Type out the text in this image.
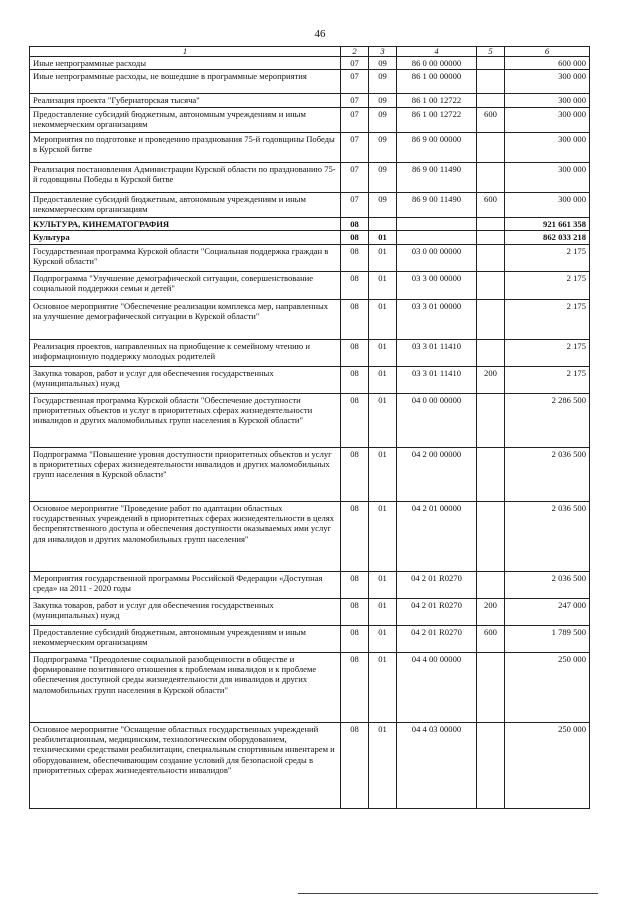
46
1	2	3	4	5	6
Иные непрограммные расходы	07	09	86 0 00 00000		600 000
Иные непрограммные расходы, не вошедшие в программные мероприятия	07	09	86 1 00 00000		300 000
Реализация проекта "Губернаторская тысяча"	07	09	86 1 00 12722		300 000
Предоставление субсидий бюджетным, автономным учреждениям и иным некоммерческим организациям	07	09	86 1 00 12722	600	300 000
Мероприятия по подготовке и проведению празднования 75-й годовщины Победы в Курской битве	07	09	86 9 00 00000		300 000
Реализация постановления Администрации Курской области по празднованию 75-й годовщины Победы в Курской битве	07	09	86 9 00 11490		300 000
Предоставление субсидий бюджетным, автономным учреждениям и иным некоммерческим организациям	07	09	86 9 00 11490	600	300 000
КУЛЬТУРА, КИНЕМАТОГРАФИЯ	08				921 661 358
Культура	08	01			862 033 218
Государственная программа Курской области "Социальная поддержка граждан в Курской области"	08	01	03 0 00 00000		2 175
Подпрограмма "Улучшение демографической ситуации, совершенствование социальной поддержки семьи и детей"	08	01	03 3 00 00000		2 175
Основное мероприятие "Обеспечение реализации комплекса мер, направленных на улучшение демографической ситуации в Курской области"	08	01	03 3 01 00000		2 175
Реализация проектов, направленных на приобщение к семейному чтению и информационную поддержку молодых родителей	08	01	03 3 01 11410		2 175
Закупка товаров, работ и услуг для обеспечения государственных (муниципальных) нужд	08	01	03 3 01 11410	200	2 175
Государственная программа Курской области "Обеспечение доступности приоритетных объектов и услуг в приоритетных сферах жизнедеятельности инвалидов и других маломобильных групп населения в Курской области"	08	01	04 0 00 00000		2 286 500
Подпрограмма "Повышение уровня доступности приоритетных объектов и услуг в приоритетных сферах жизнедеятельности инвалидов и других маломобильных групп населения в Курской области"	08	01	04 2 00 00000		2 036 500
Основное мероприятие "Проведение работ по адаптации областных государственных учреждений в приоритетных сферах жизнедеятельности в целях беспрепятственного доступа и обеспечения доступности оказываемых ими услуг для инвалидов и других маломобильных групп населения"	08	01	04 2 01 00000		2 036 500
Мероприятия государственной программы Российской Федерации «Доступная среда» на 2011 - 2020 годы	08	01	04 2 01 R0270		2 036 500
Закупка товаров, работ и услуг для обеспечения государственных (муниципальных) нужд	08	01	04 2 01 R0270	200	247 000
Предоставление субсидий бюджетным, автономным учреждениям и иным некоммерческим организациям	08	01	04 2 01 R0270	600	1 789 500
Подпрограмма "Преодоление социальной разобщенности в обществе и формирование позитивного отношения к проблемам инвалидов и к проблеме обеспечения доступной среды жизнедеятельности для инвалидов и других маломобильных групп населения в Курской области"	08	01	04 4 00 00000		250 000
Основное мероприятие "Оснащение областных государственных учреждений реабилитационным, медицинским, технологическим оборудованием, техническими средствами реабилитации, специальным спортивным инвентарем и оборудованием, обеспечивающим создание условий для безопасной среды в приоритетных сферах жизнедеятельности инвалидов"	08	01	04 4 03 00000		250 000
